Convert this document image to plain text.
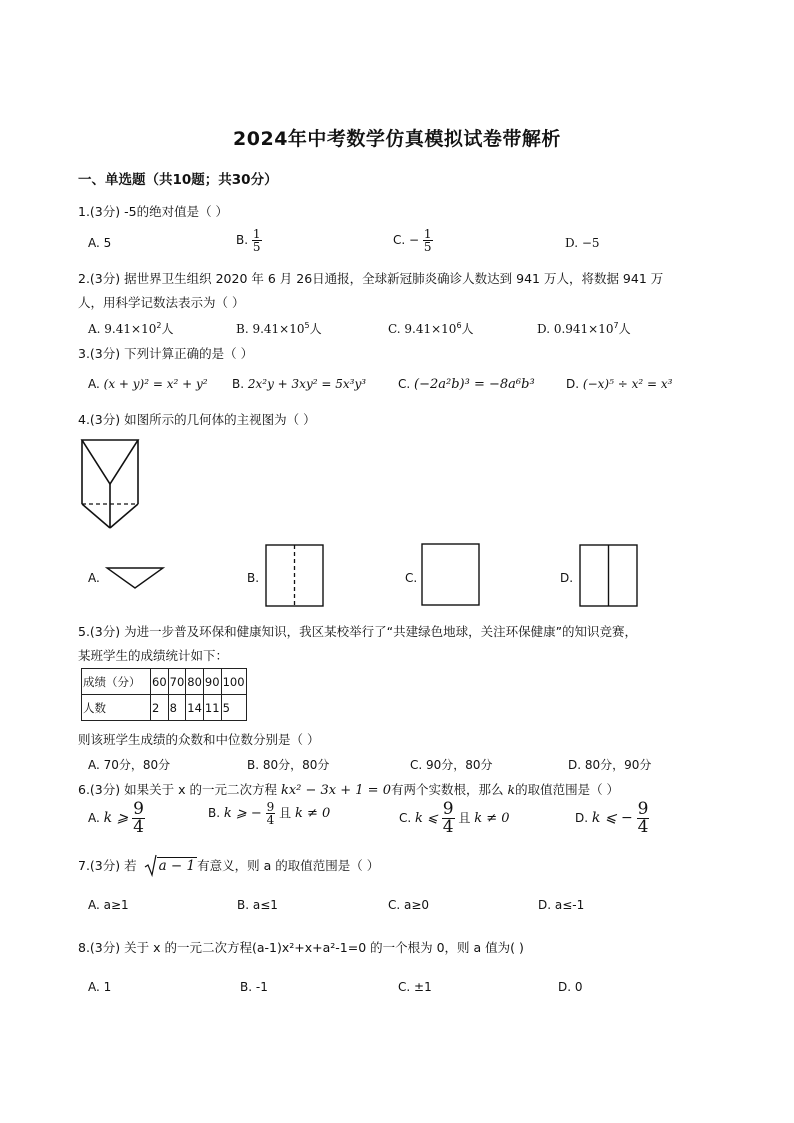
2024年中考数学仿真模拟试卷带解析
一、单选题（共10题；共30分）
1.(3分) -5的绝对值是（ ）
A. 5	B. $\frac{1}{5}$	C. − $\frac{1}{5}$	D. −5
2.(3分) 据世界卫生组织 2020 年 6 月 26日通报，全球新冠肺炎确诊人数达到 941 万人，将数据 941 万
人，用科学记数法表示为（ ）
A. $9.41\times 10^2$人	B. $9.41\times 10^5$人	C. $9.41\times 10^6$人	D. $0.941\times 10^7$人
3.(3分) 下列计算正确的是（ ）
A. (x + y)² = x² + y² B. 2x²y + 3xy² = 5x³y³	C. (−2a²b)³ = −8a⁶b³	D. (−x)⁵ ÷ x² = x³
4.(3分) 如图所示的几何体的主视图为（ ）
A.	B.	C.	D.
5.(3分) 为进一步普及环保和健康知识，我区某校举行了“共建绿色地球，关注环保健康”的知识竞赛，
某班学生的成绩统计如下：
成绩（分）	60	70	80	90	100
人数	2	8	14	11	5
则该班学生成绩的众数和中位数分别是（ ）
A. 70分，80分	B. 80分，80分	C. 90分，80分	D. 80分，90分
6.(3分) 如果关于 x 的一元二次方程 kx² − 3x + 1 = 0有两个实数根，那么 k的取值范围是（ ）
A. k ⩾ $\frac{9}{4}$	B. k ⩾ − $\frac{9}{4}$ 且 k ≠ 0	C. k ⩽ $\frac{9}{4}$ 且 k ≠ 0	D. k ⩽ − $\frac{9}{4}$
7.(3分) 若 a − 1 有意义，则 a 的取值范围是（ ）
A. a≥1	B. a≤1	C. a≥0	D. a≤-1
8.(3分) 关于 x 的一元二次方程(a-1)x²+x+a²-1=0 的一个根为 0，则 a 值为( )
A. 1	B. -1	C. ±1	D. 0
